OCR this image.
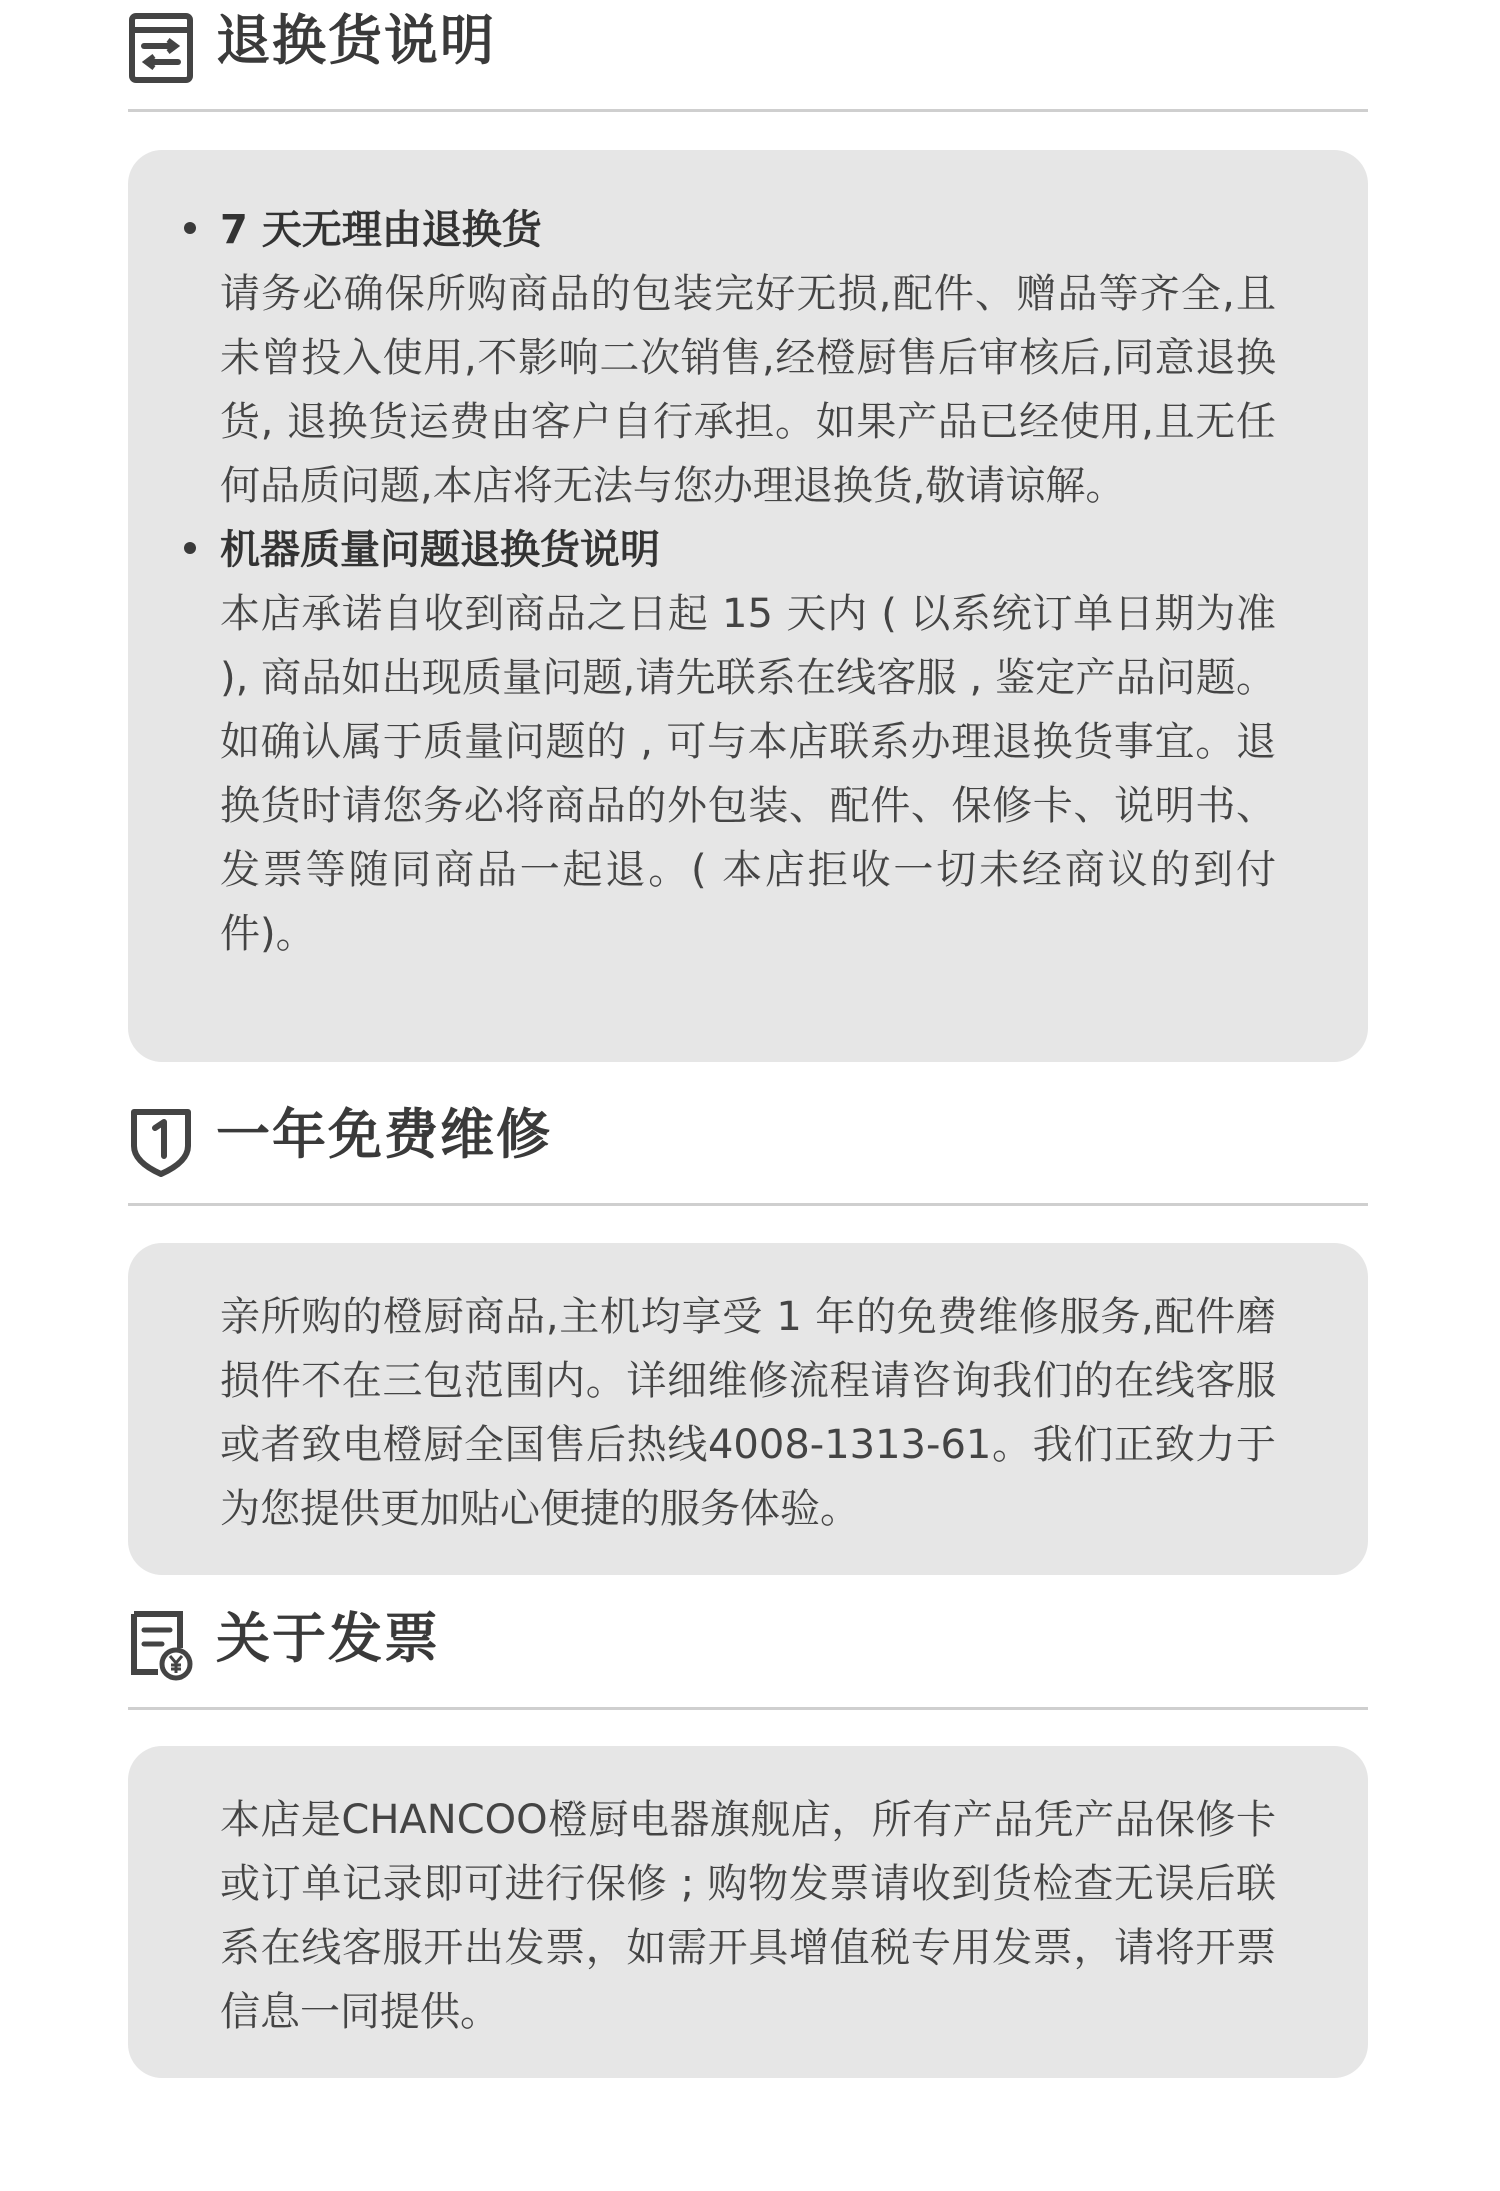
退换货说明
7 天无理由退换货

请务必确保所购商品的包装完好无损,配件、赠品等齐全,且未曾投入使用,不影响二次销售,经橙厨售后审核后,同意退换货, 退换货运费由客户自行承担。如果产品已经使用,且无任何品质问题,本店将无法与您办理退换货,敬请谅解。

机器质量问题退换货说明

本店承诺自收到商品之日起 15 天内 ( 以系统订单日期为准 ), 商品如出现质量问题,请先联系在线客服 , 鉴定产品问题。如确认属于质量问题的 , 可与本店联系办理退换货事宜。退换货时请您务必将商品的外包装、配件、保修卡、说明书、 发票等随同商品一起退。( 本店拒收一切未经商议的到付件)。

一年免费维修

亲所购的橙厨商品,主机均享受 1 年的免费维修服务,配件磨损件不在三包范围内。详细维修流程请咨询我们的在线客服或者致电橙厨全国售后热线4008-1313-61。我们正致力于为您提供更加贴心便捷的服务体验。

关于发票

本店是CHANCOO橙厨电器旗舰店，所有产品凭产品保修卡或订单记录即可进行保修 ; 购物发票请收到货检查无误后联系在线客服开出发票，如需开具增值税专用发票，请将开票信息一同提供。
